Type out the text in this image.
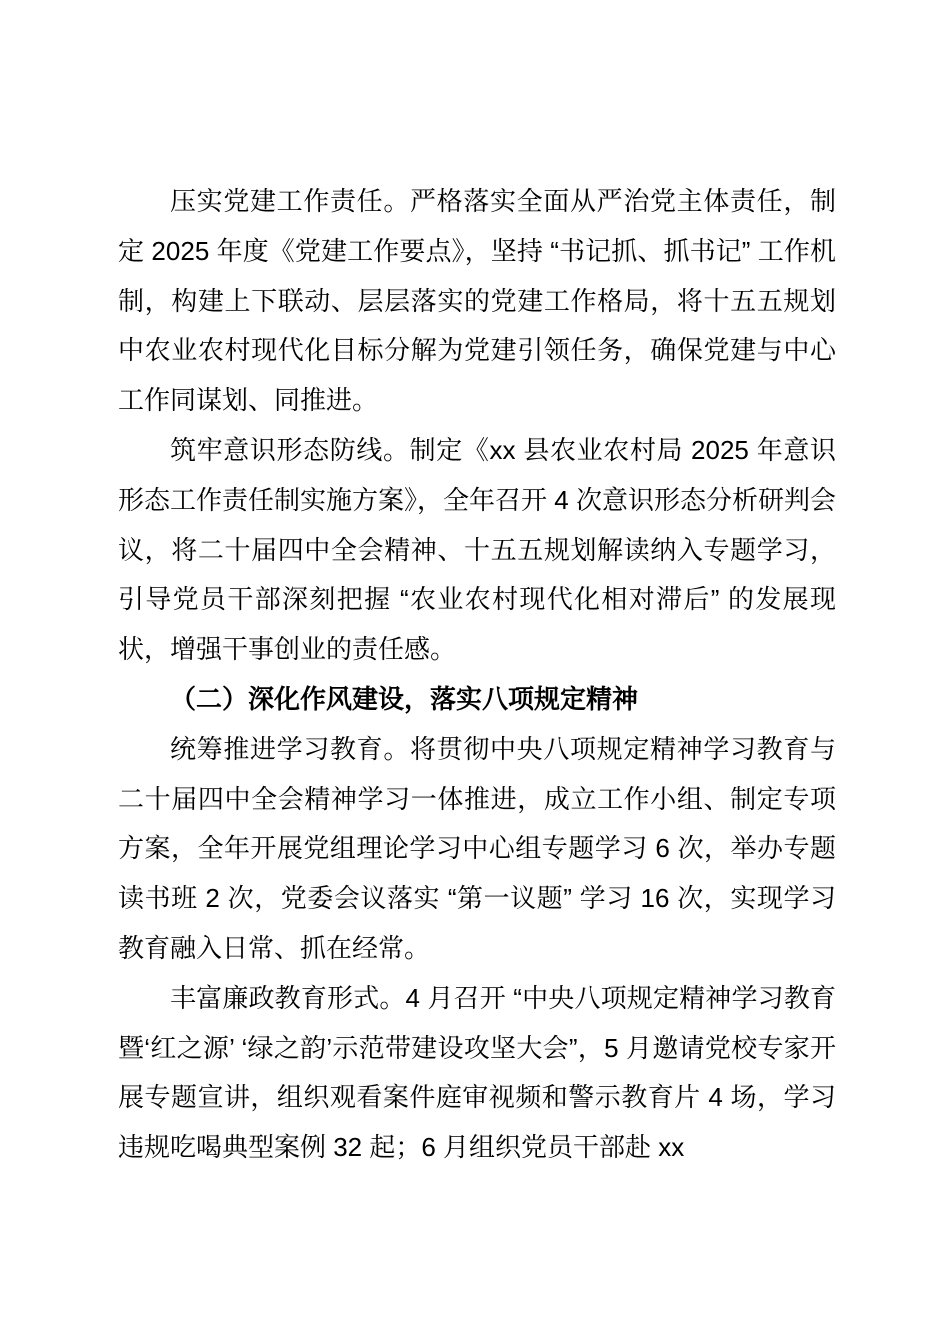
压实党建工作责任。严格落实全面从严治党主体责任，制定 2025 年度《党建工作要点》，坚持 “书记抓、抓书记” 工作机制，构建上下联动、层层落实的党建工作格局，将十五五规划中农业农村现代化目标分解为党建引领任务，确保党建与中心工作同谋划、同推进。

筑牢意识形态防线。制定《xx 县农业农村局 2025 年意识形态工作责任制实施方案》，全年召开 4 次意识形态分析研判会议，将二十届四中全会精神、十五五规划解读纳入专题学习，引导党员干部深刻把握 “农业农村现代化相对滞后” 的发展现状，增强干事创业的责任感。

（二）深化作风建设，落实八项规定精神

统筹推进学习教育。将贯彻中央八项规定精神学习教育与二十届四中全会精神学习一体推进，成立工作小组、制定专项方案，全年开展党组理论学习中心组专题学习 6 次，举办专题读书班 2 次，党委会议落实 “第一议题” 学习 16 次，实现学习教育融入日常、抓在经常。

丰富廉政教育形式。4 月召开 “中央八项规定精神学习教育暨‘红之源’ ‘绿之韵’示范带建设攻坚大会”，5 月邀请党校专家开展专题宣讲，组织观看案件庭审视频和警示教育片 4 场，学习违规吃喝典型案例 32 起；6 月组织党员干部赴 xx
